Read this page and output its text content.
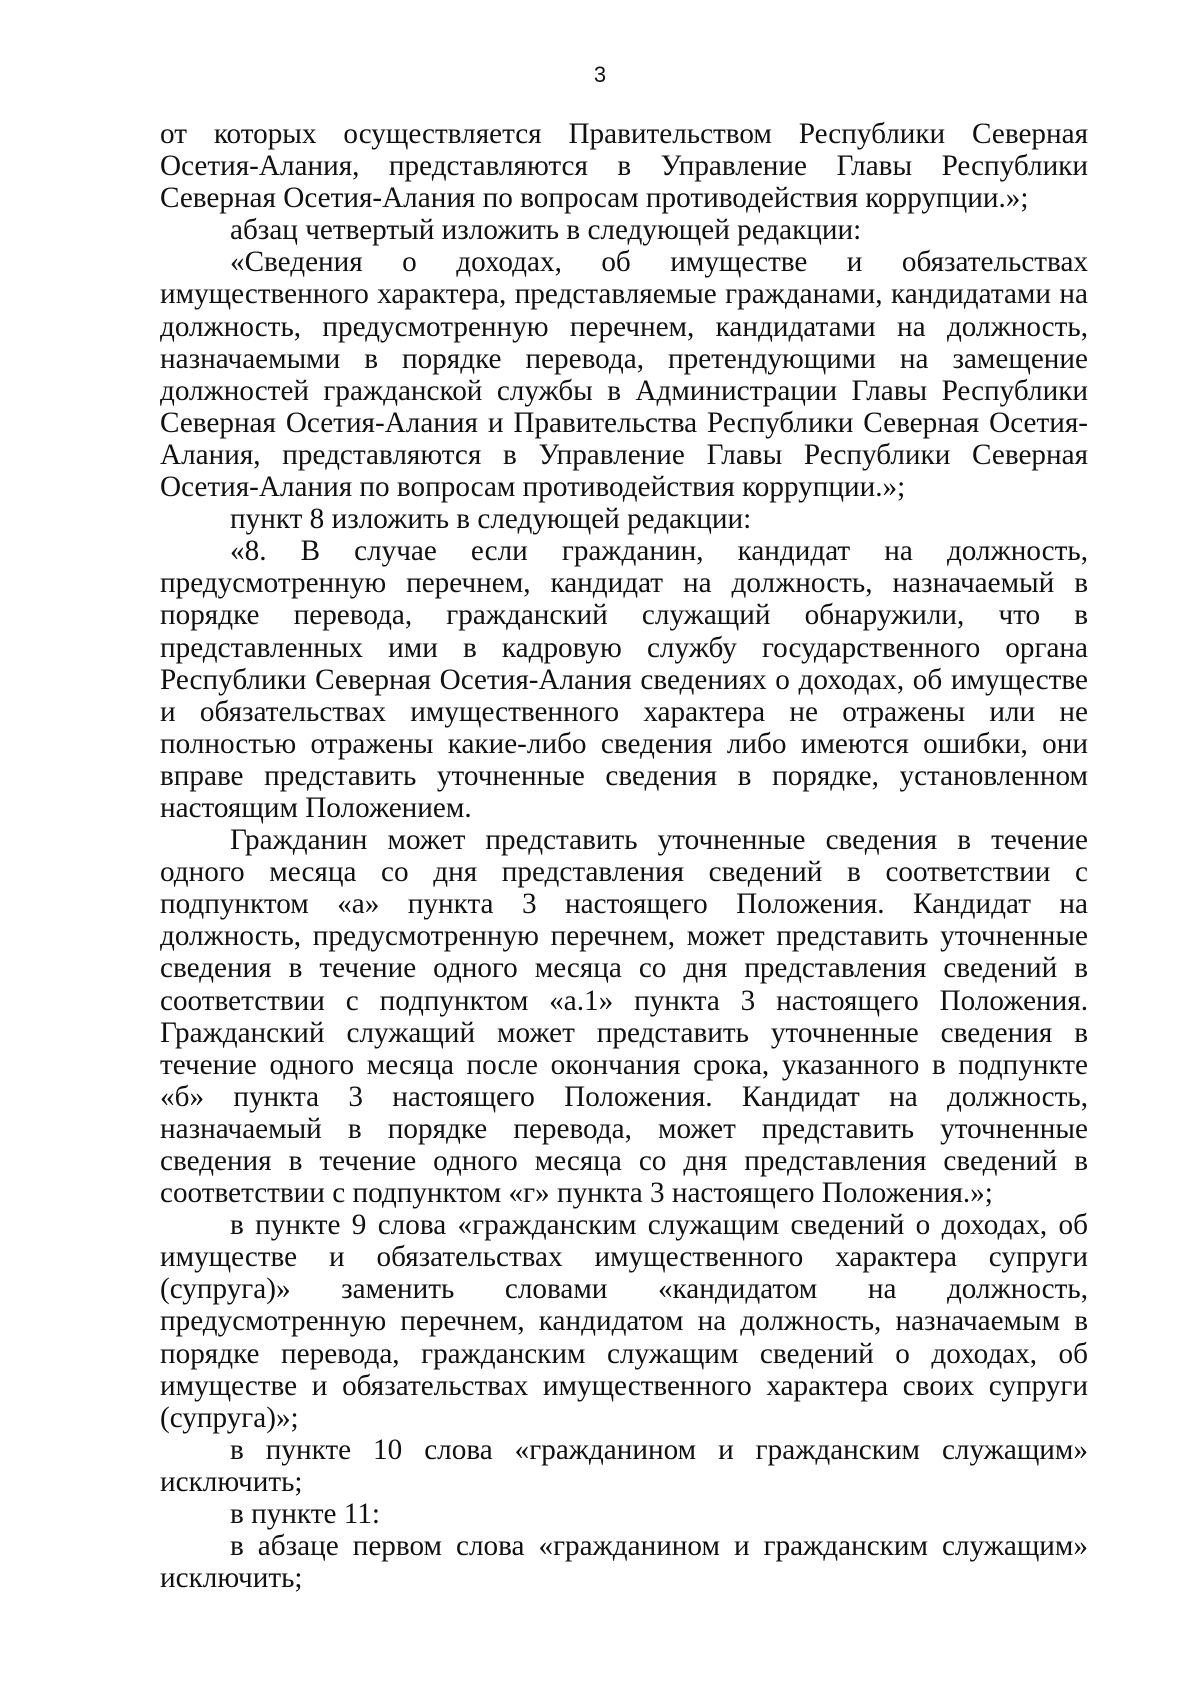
3

от которых осуществляется Правительством Республики Северная Осетия-Алания, представляются в Управление Главы Республики Северная Осетия-Алания по вопросам противодействия коррупции.»;

абзац четвертый изложить в следующей редакции:

«Сведения о доходах, об имуществе и обязательствах имущественного характера, представляемые гражданами, кандидатами на должность, предусмотренную перечнем, кандидатами на должность, назначаемыми в порядке перевода, претендующими на замещение должностей гражданской службы в Администрации Главы Республики Северная Осетия-Алания и Правительства Республики Северная Осетия-Алания, представляются в Управление Главы Республики Северная Осетия-Алания по вопросам противодействия коррупции.»;

пункт 8 изложить в следующей редакции:

«8. В случае если гражданин, кандидат на должность, предусмотренную перечнем, кандидат на должность, назначаемый в порядке перевода, гражданский служащий обнаружили, что в представленных ими в кадровую службу государственного органа Республики Северная Осетия-Алания сведениях о доходах, об имуществе и обязательствах имущественного характера не отражены или не полностью отражены какие-либо сведения либо имеются ошибки, они вправе представить уточненные сведения в порядке, установленном настоящим Положением.

Гражданин может представить уточненные сведения в течение одного месяца со дня представления сведений в соответствии с подпунктом «а» пункта 3 настоящего Положения. Кандидат на должность, предусмотренную перечнем, может представить уточненные сведения в течение одного месяца со дня представления сведений в соответствии с подпунктом «а.1» пункта 3 настоящего Положения. Гражданский служащий может представить уточненные сведения в течение одного месяца после окончания срока, указанного в подпункте «б» пункта 3 настоящего Положения. Кандидат на должность, назначаемый в порядке перевода, может представить уточненные сведения в течение одного месяца со дня представления сведений в соответствии с подпунктом «г» пункта 3 настоящего Положения.»;

в пункте 9 слова «гражданским служащим сведений о доходах, об имуществе и обязательствах имущественного характера супруги (супруга)» заменить словами «кандидатом на должность, предусмотренную перечнем, кандидатом на должность, назначаемым в порядке перевода, гражданским служащим сведений о доходах, об имуществе и обязательствах имущественного характера своих супруги (супруга)»;

в пункте 10 слова «гражданином и гражданским служащим» исключить;

в пункте 11:

в абзаце первом слова «гражданином и гражданским служащим» исключить;
